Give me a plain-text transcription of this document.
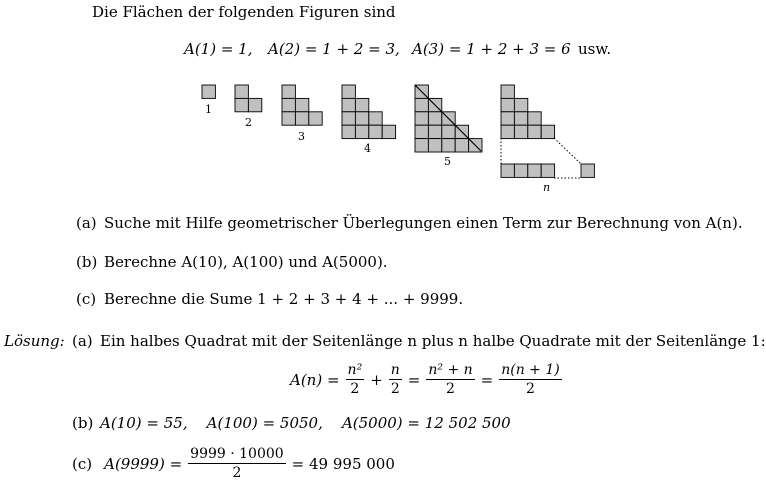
Die Flächen der folgenden Figuren sind
A(1) = 1, A(2) = 1 + 2 = 3, A(3) = 1 + 2 + 3 = 6 usw.
1
2
3
4
5
n
(a) Suche mit Hilfe geometrischer Überlegungen einen Term zur Berechnung von A(n).
(b) Berechne A(10), A(100) und A(5000).
(c) Berechne die Sume 1 + 2 + 3 + 4 + ... + 9999.
Lösung: (a) Ein halbes Quadrat mit der Seitenlänge n plus n halbe Quadrate mit der Seitenlänge 1:
$A(n) = \frac{\text{n²}}{2} + \frac{n}{2} = \frac{\text{n² + n}}{2} = \frac{n(n + 1)}{2}$
(b) A(10) = 55,    A(100) = 5050,    A(5000) = 12 502 500
(c) $A(9999) = \frac{9999 \cdot 10000}{2} = 49$ 995 000
